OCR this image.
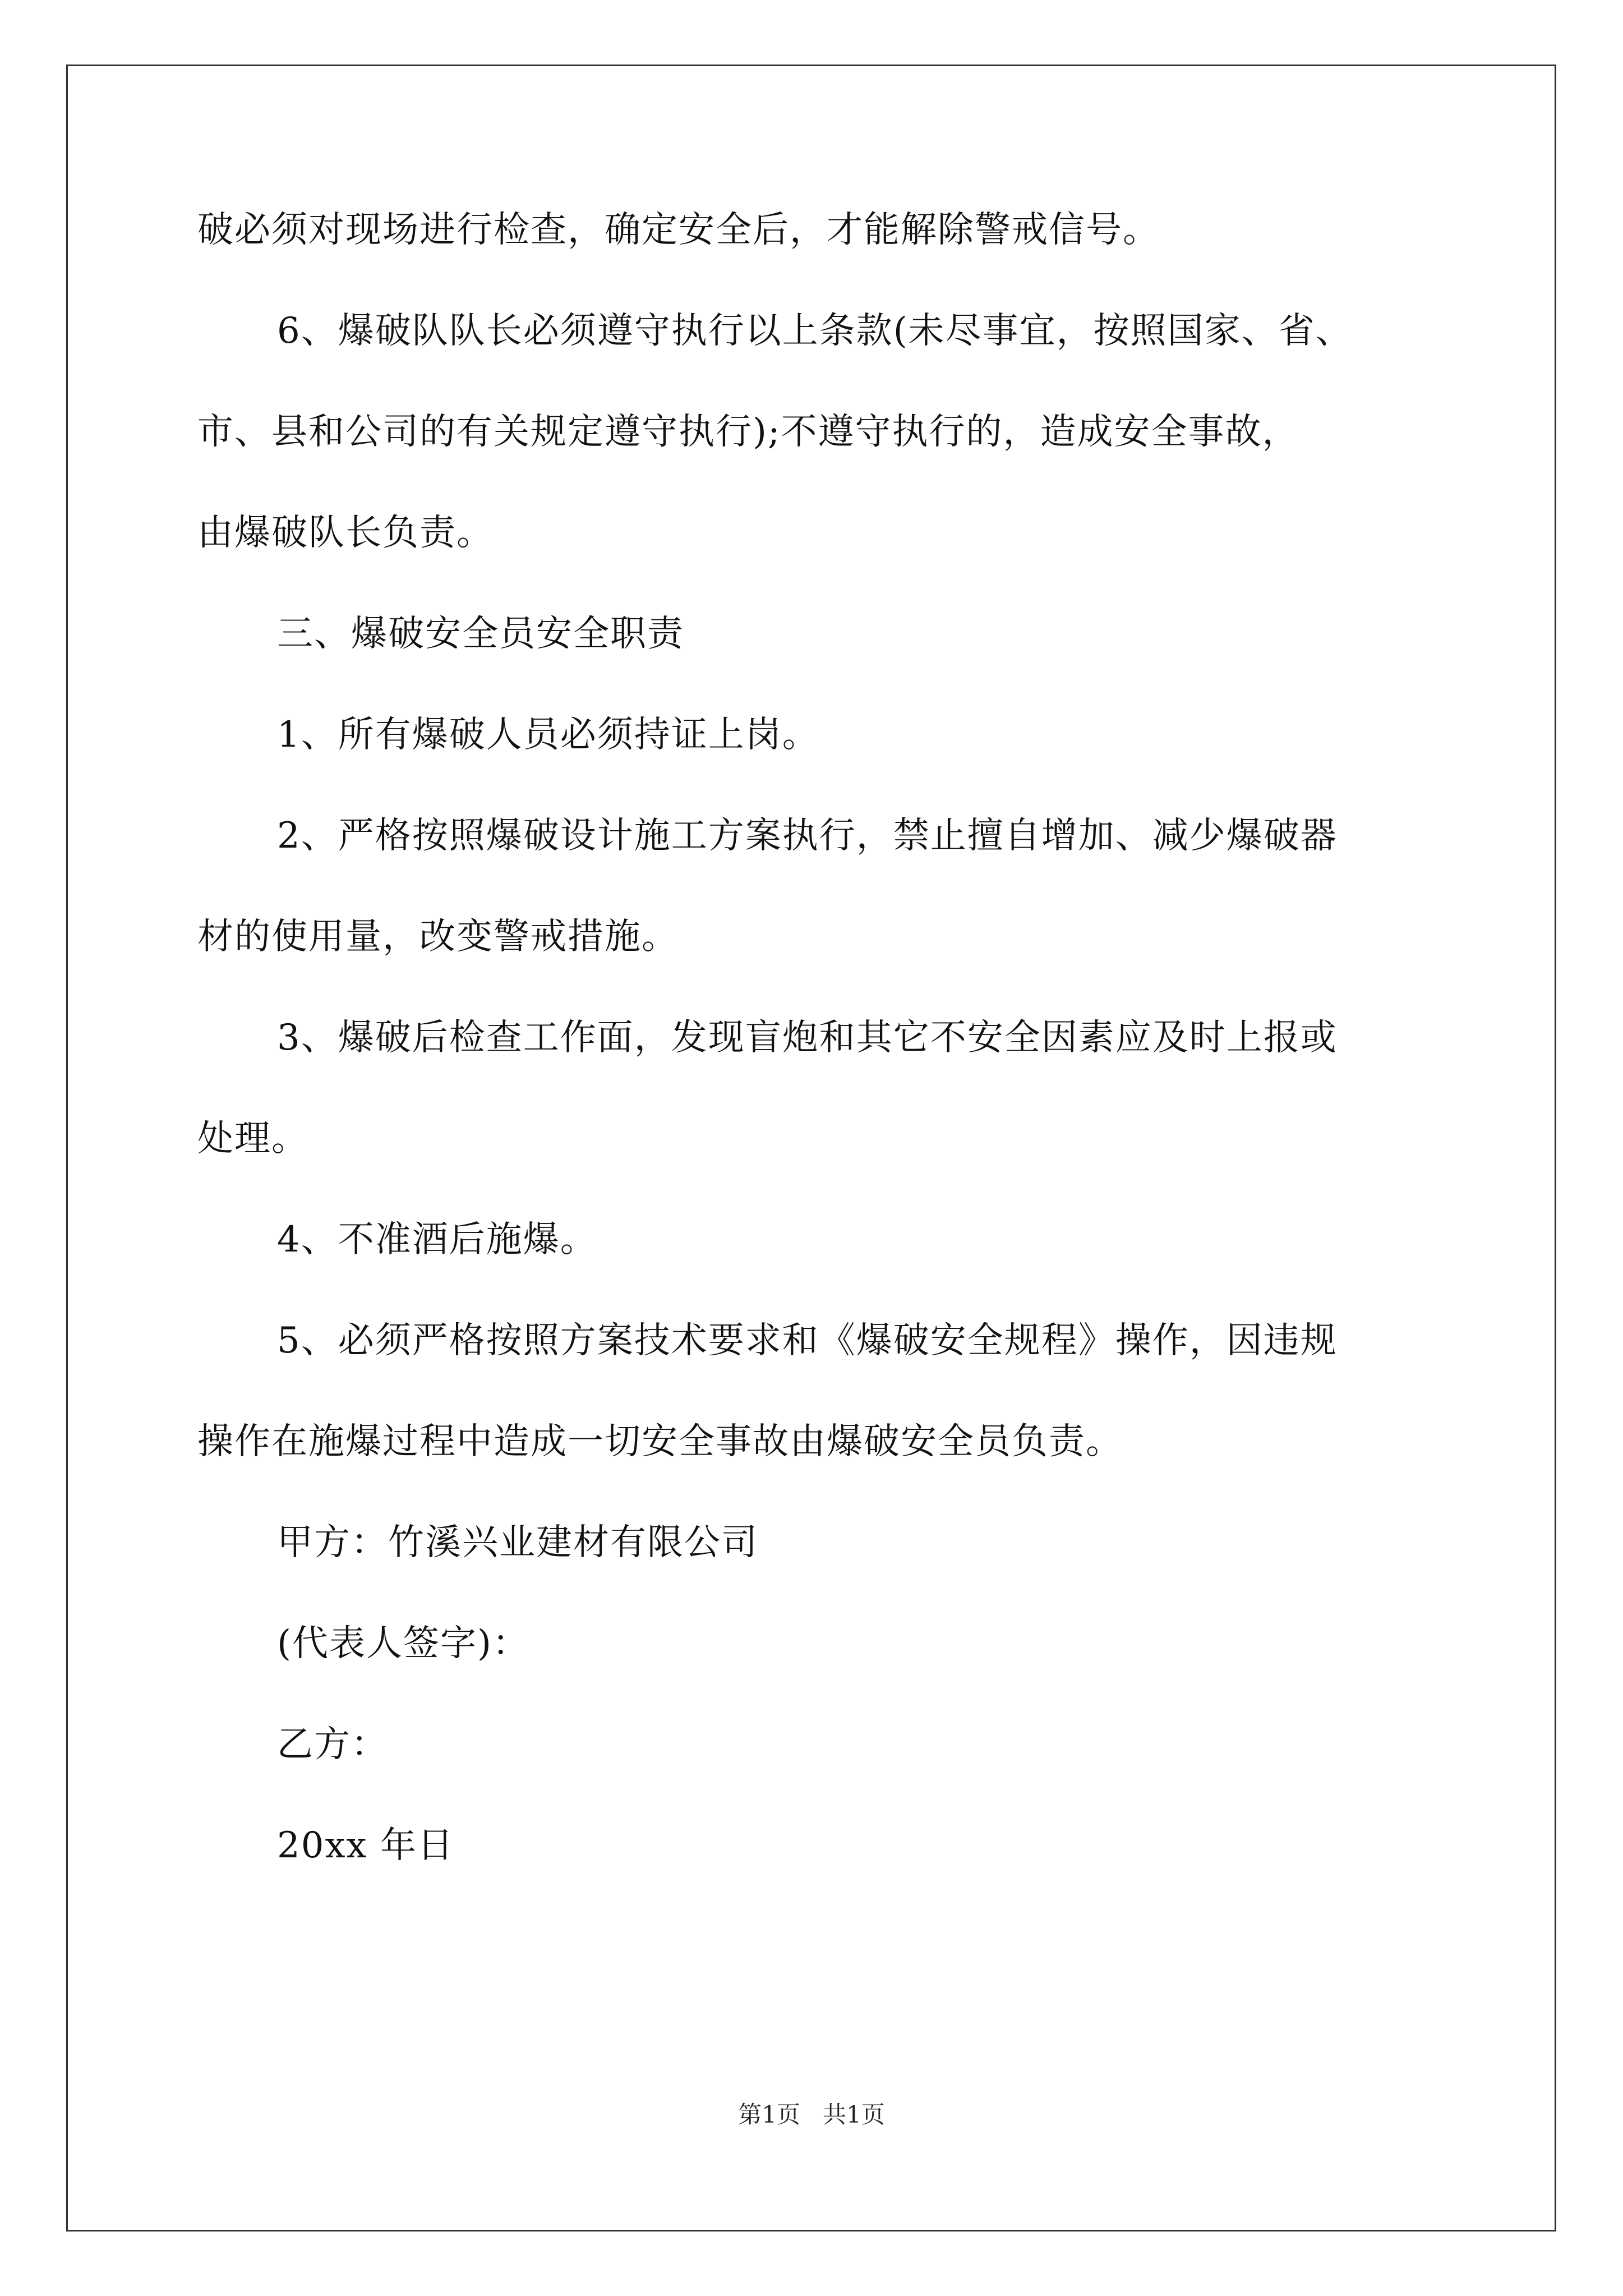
破必须对现场进行检查，确定安全后，才能解除警戒信号。
6、爆破队队长必须遵守执行以上条款(未尽事宜，按照国家、省、
市、县和公司的有关规定遵守执行);不遵守执行的，造成安全事故，
由爆破队长负责。
三、爆破安全员安全职责
1、所有爆破人员必须持证上岗。
2、严格按照爆破设计施工方案执行，禁止擅自增加、减少爆破器
材的使用量，改变警戒措施。
3、爆破后检查工作面，发现盲炮和其它不安全因素应及时上报或
处理。
4、不准酒后施爆。
5、必须严格按照方案技术要求和《爆破安全规程》操作，因违规
操作在施爆过程中造成一切安全事故由爆破安全员负责。
甲方：竹溪兴业建材有限公司
(代表人签字)：
乙方：
20xx 年日
第1页   共1页
